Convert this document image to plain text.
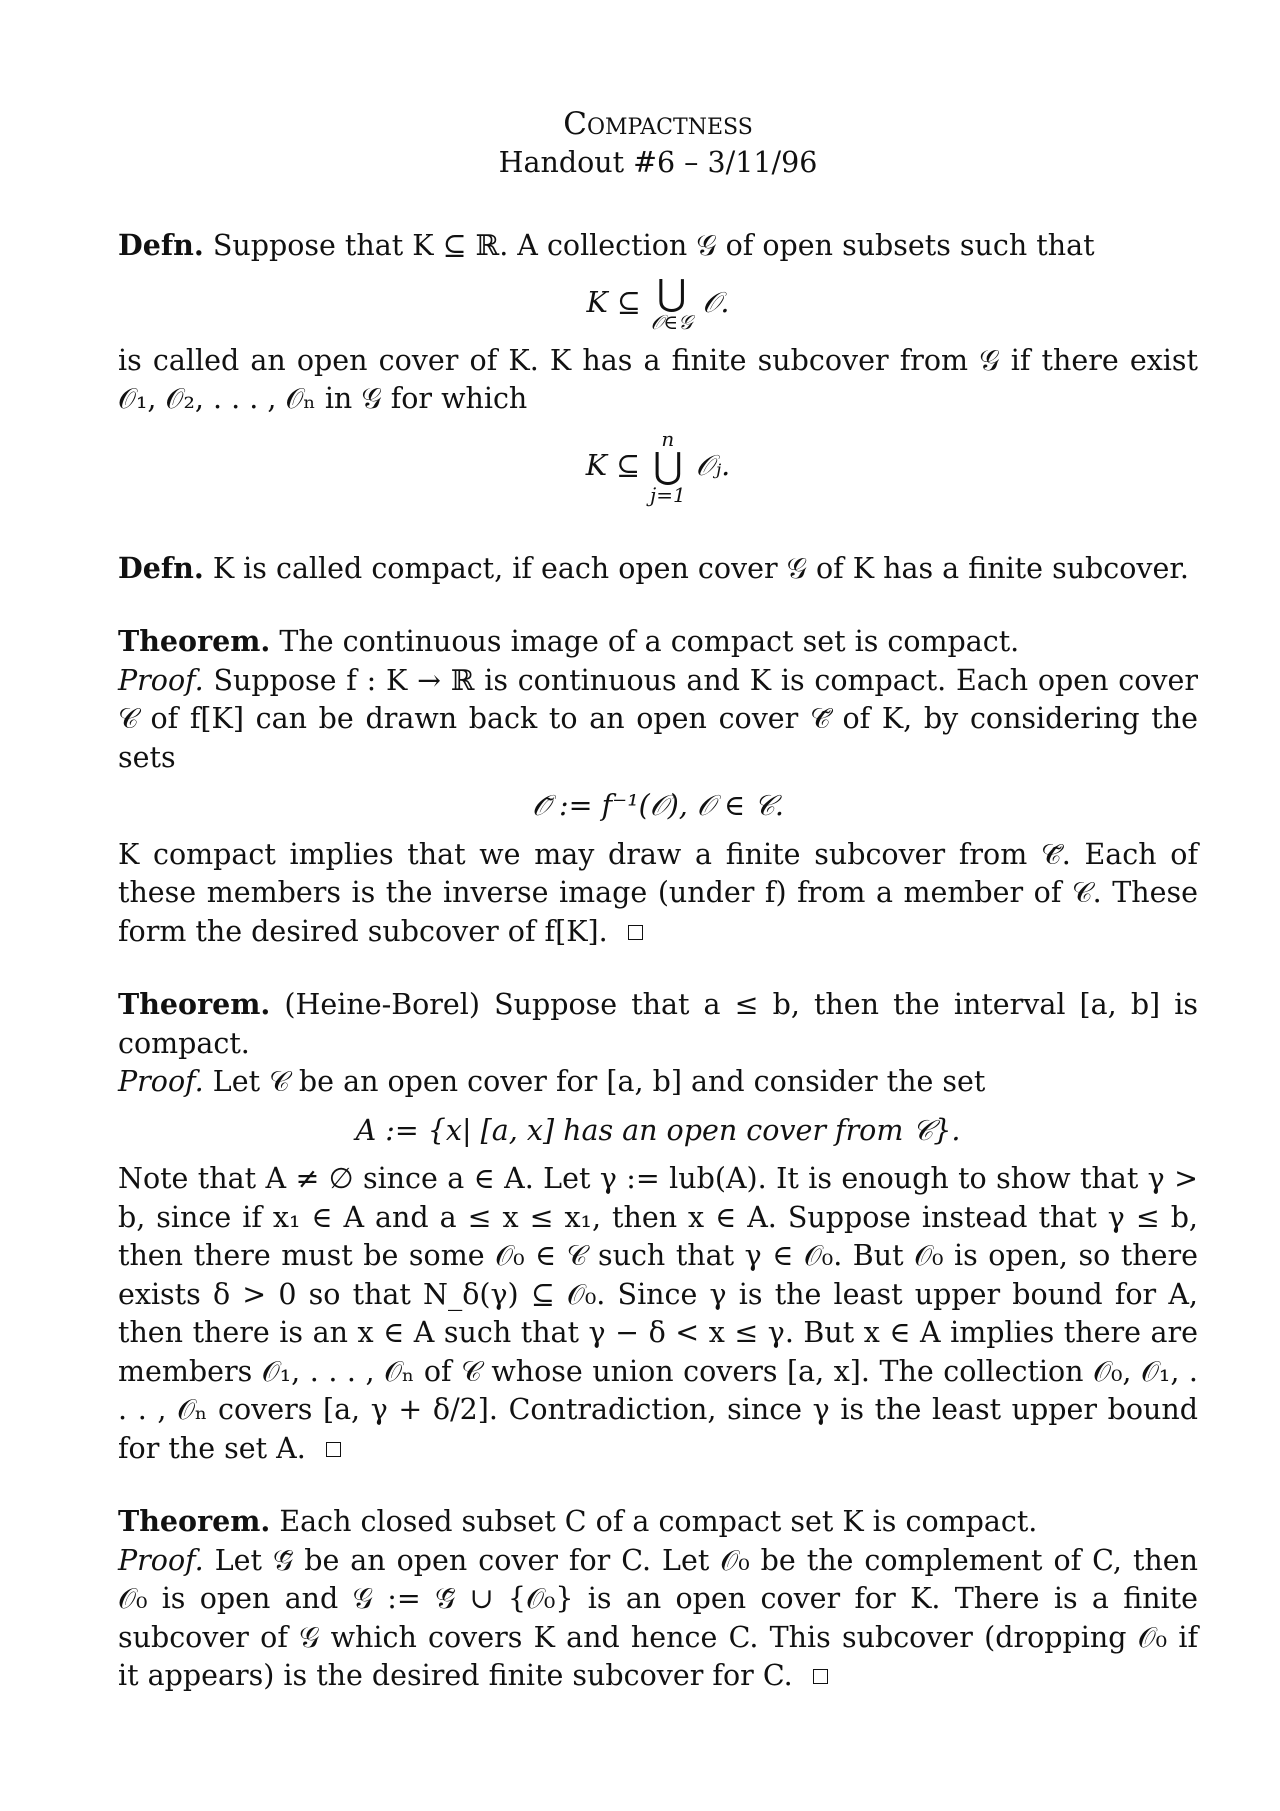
Compactness
Handout #6 – 3/11/96

Defn. Suppose that K ⊆ ℝ. A collection 𝒢 of open subsets such that

K ⊆ ⋃
𝒪∈𝒢
𝒪.

is called an open cover of K. K has a finite subcover from 𝒢 if there exist 𝒪₁, 𝒪₂, . . . , 𝒪ₙ in 𝒢 for which

K ⊆
n
⋃
j=1
𝒪ⱼ.

Defn. K is called compact, if each open cover 𝒢 of K has a finite subcover.

Theorem. The continuous image of a compact set is compact.
Proof. Suppose f : K → ℝ is continuous and K is compact. Each open cover 𝒞 of f[K] can be drawn back to an open cover 𝒞̃ of K, by considering the sets

𝒪̃ := f⁻¹(𝒪), 𝒪 ∈ 𝒞.

K compact implies that we may draw a finite subcover from 𝒞̃. Each of these members is the inverse image (under f) from a member of 𝒞. These form the desired subcover of f[K].

Theorem. (Heine-Borel) Suppose that a ≤ b, then the interval [a, b] is compact.
Proof. Let 𝒞 be an open cover for [a, b] and consider the set

A := {x| [a, x] has an open cover from 𝒞}.

Note that A ≠ ∅ since a ∈ A. Let γ := lub(A). It is enough to show that γ > b, since if x₁ ∈ A and a ≤ x ≤ x₁, then x ∈ A. Suppose instead that γ ≤ b, then there must be some 𝒪₀ ∈ 𝒞 such that γ ∈ 𝒪₀. But 𝒪₀ is open, so there exists δ > 0 so that N_δ(γ) ⊆ 𝒪₀. Since γ is the least upper bound for A, then there is an x ∈ A such that γ − δ < x ≤ γ. But x ∈ A implies there are members 𝒪₁, . . . , 𝒪ₙ of 𝒞 whose union covers [a, x]. The collection 𝒪₀, 𝒪₁, . . . , 𝒪ₙ covers [a, γ + δ/2]. Contradiction, since γ is the least upper bound for the set A.

Theorem. Each closed subset C of a compact set K is compact.
Proof. Let 𝒢̃ be an open cover for C. Let 𝒪₀ be the complement of C, then 𝒪₀ is open and 𝒢 := 𝒢̃ ∪ {𝒪₀} is an open cover for K. There is a finite subcover of 𝒢 which covers K and hence C. This subcover (dropping 𝒪₀ if it appears) is the desired finite subcover for C.
